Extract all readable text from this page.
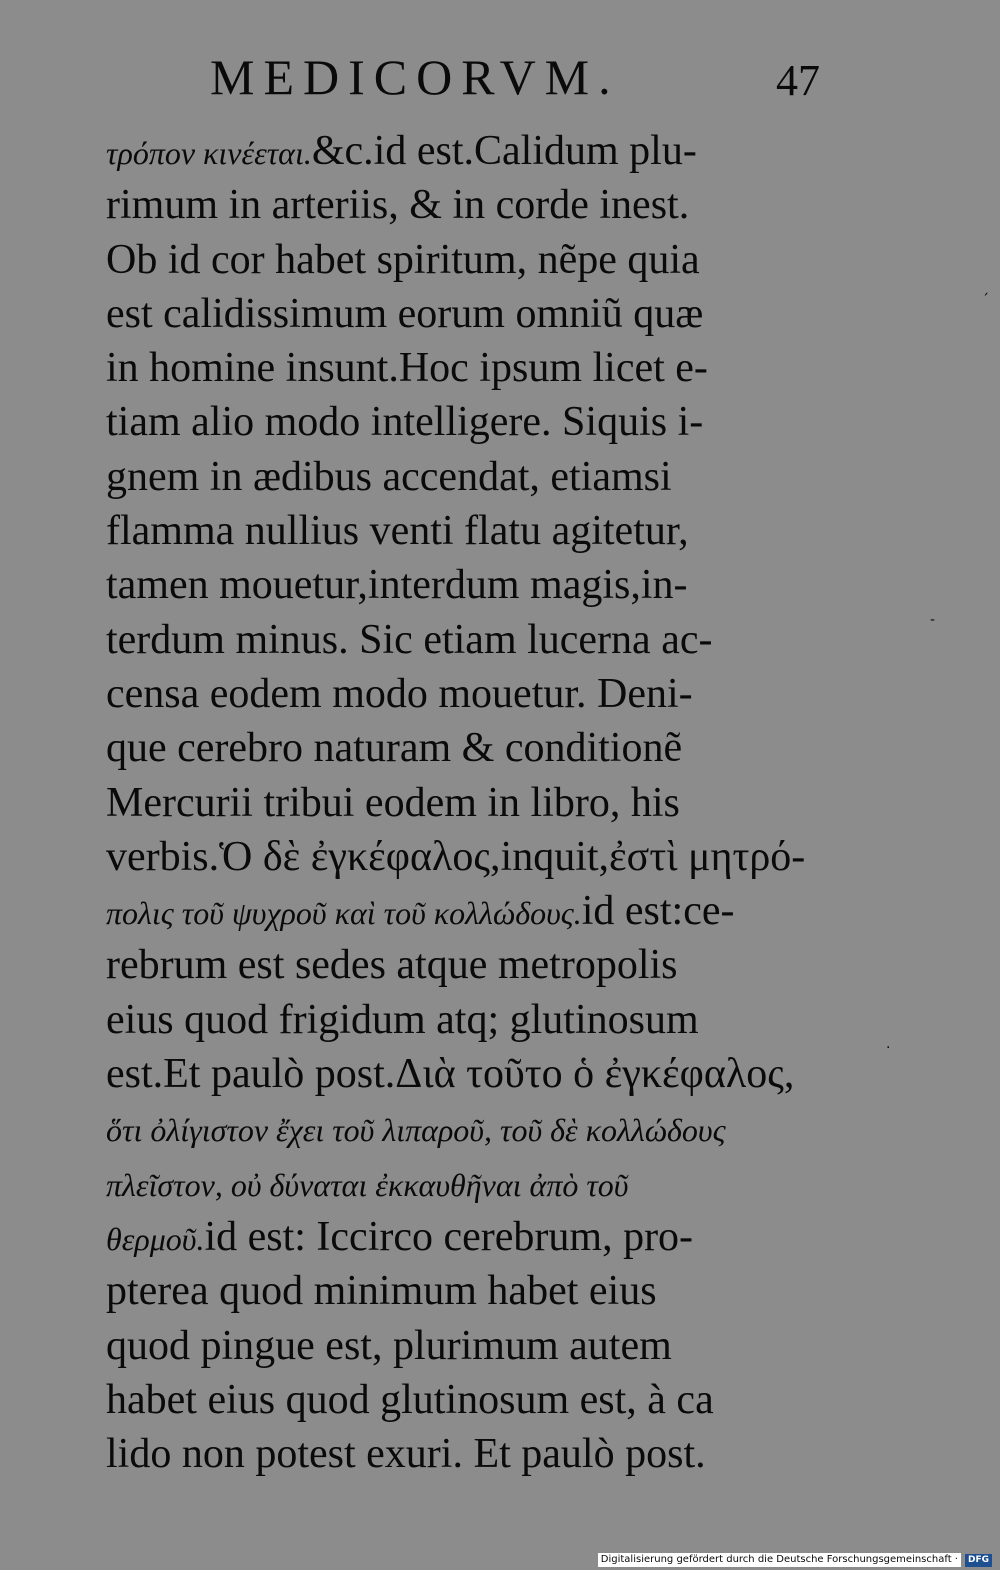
MEDICORVM.	47
τρόπον κινέεται.&c.id est.Calidum plu-
rimum in arteriis, & in corde inest.
Ob id cor habet spiritum, nẽpe quia
est calidissimum eorum omniũ quæ
in homine insunt.Hoc ipsum licet e-
tiam alio modo intelligere. Siquis i-
gnem in ædibus accendat, etiamsi
flamma nullius venti flatu agitetur,
tamen mouetur,interdum magis,in-
terdum minus. Sic etiam lucerna ac-
censa eodem modo mouetur. Deni-
que cerebro naturam & conditionẽ
Mercurii tribui eodem in libro, his
verbis.Ὁ δὲ ἐγκέφαλος,inquit,ἐστὶ μητρό-
πολις τοῦ ψυχροῦ καὶ τοῦ κολλώδους.id est:ce-
rebrum est sedes atque metropolis
eius quod frigidum atq; glutinosum
est.Et paulò post.Διὰ τοῦτο ὁ ἐγκέφαλος,
ὅτι ὀλίγιστον ἔχει τοῦ λιπαροῦ, τοῦ δὲ κολλώδους
πλεῖστον, οὐ δύναται ἐκκαυθῆναι ἀπὸ τοῦ
θερμοῦ.id est: Iccirco cerebrum, pro-
pterea quod minimum habet eius
quod pingue est, plurimum autem
habet eius quod glutinosum est, à ca
lido non potest exuri. Et paulò post.
ˏ
-
·
Digitalisierung gefördert durch die Deutsche Forschungsgemeinschaft ·	DFG
